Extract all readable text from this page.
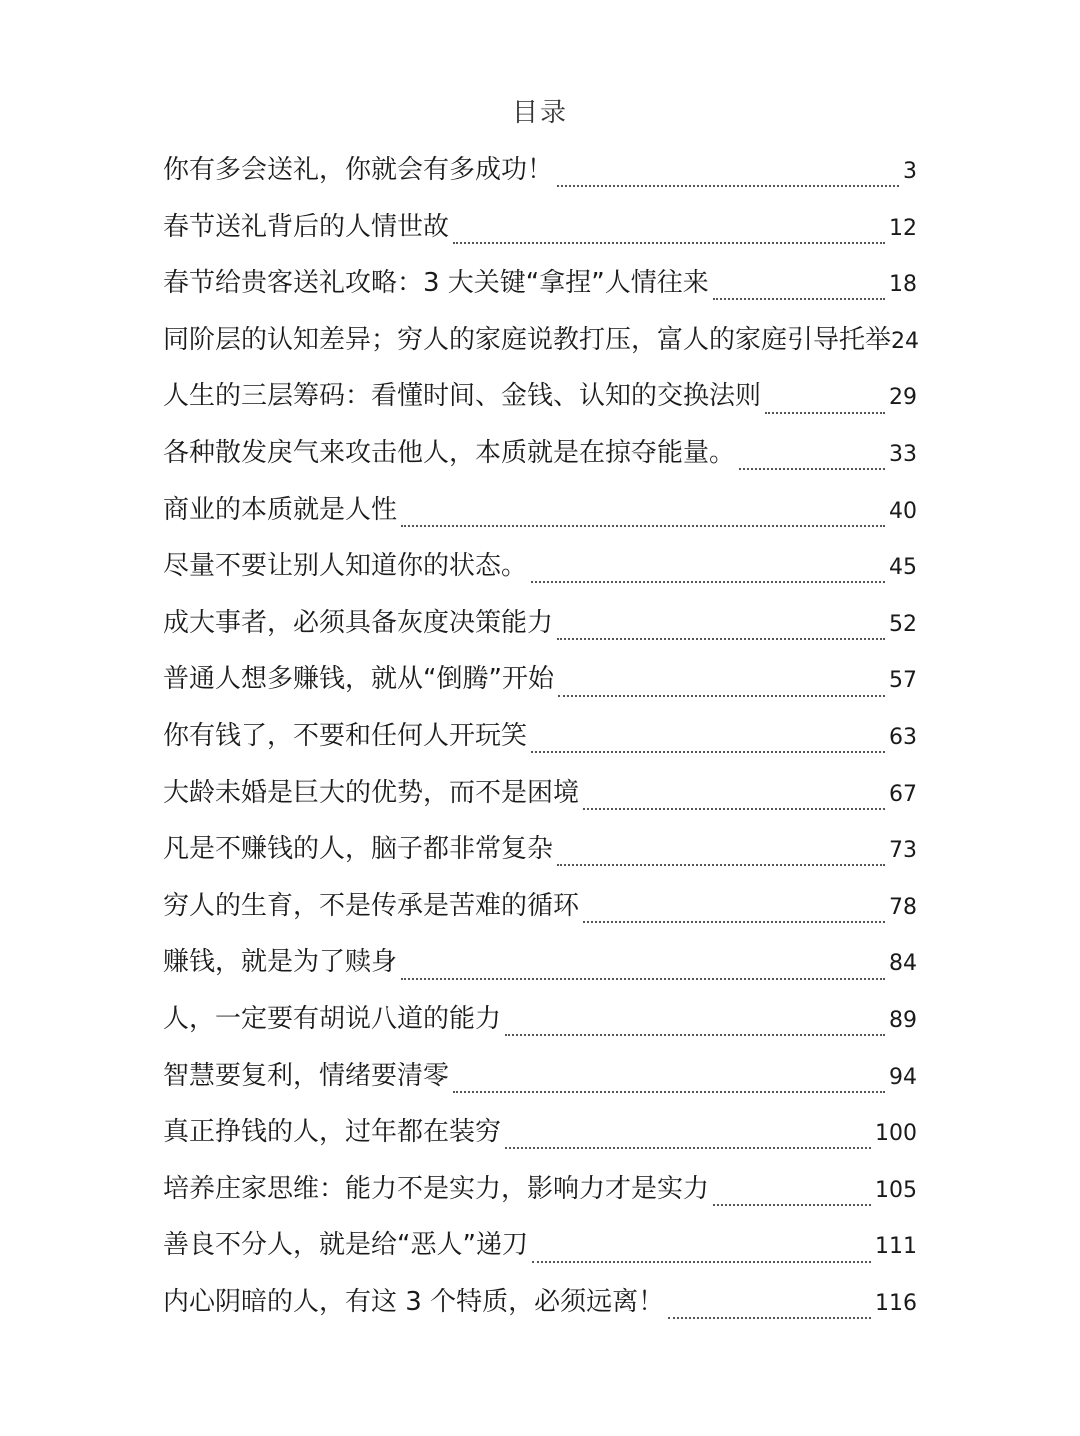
目录
你有多会送礼，你就会有多成功！	3
春节送礼背后的人情世故	12
春节给贵客送礼攻略：3 大关键“拿捏”人情往来	18
同阶层的认知差异；穷人的家庭说教打压，富人的家庭引导托举 24
人生的三层筹码：看懂时间、金钱、认知的交换法则	29
各种散发戾气来攻击他人，本质就是在掠夺能量。	33
商业的本质就是人性	40
尽量不要让别人知道你的状态。	45
成大事者，必须具备灰度决策能力	52
普通人想多赚钱，就从“倒腾”开始	57
你有钱了，不要和任何人开玩笑	63
大龄未婚是巨大的优势，而不是困境	67
凡是不赚钱的人，脑子都非常复杂	73
穷人的生育，不是传承是苦难的循环	78
赚钱，就是为了赎身	84
人，一定要有胡说八道的能力	89
智慧要复利，情绪要清零	94
真正挣钱的人，过年都在装穷	100
培养庄家思维：能力不是实力，影响力才是实力	105
善良不分人，就是给“恶人”递刀	111
内心阴暗的人，有这 3 个特质，必须远离！	116
